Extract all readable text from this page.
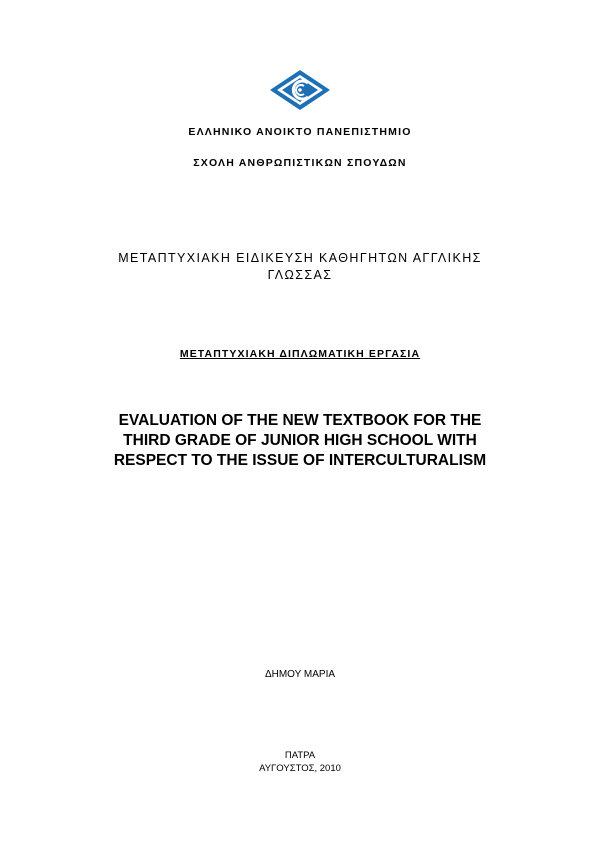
ΕΛΛΗΝΙΚΟ ΑΝΟΙΚΤΟ ΠΑΝΕΠΙΣΤΗΜΙΟ
ΣΧΟΛΗ ΑΝΘΡΩΠΙΣΤΙΚΩΝ ΣΠΟΥΔΩΝ
ΜΕΤΑΠΤΥΧΙΑΚΗ ΕΙΔΙΚΕΥΣΗ ΚΑΘΗΓΗΤΩΝ ΑΓΓΛΙΚΗΣ
ΓΛΩΣΣΑΣ
ΜΕΤΑΠΤΥΧΙΑΚΗ ΔΙΠΛΩΜΑΤΙΚΗ ΕΡΓΑΣΙΑ
EVALUATION OF THE NEW TEXTBOOK FOR THE
THIRD GRADE OF JUNIOR HIGH SCHOOL WITH
RESPECT TO THE ISSUE OF INTERCULTURALISM
ΔΗΜΟΥ ΜΑΡΙΑ
ΠΑΤΡΑ
ΑΥΓΟΥΣΤΟΣ, 2010
